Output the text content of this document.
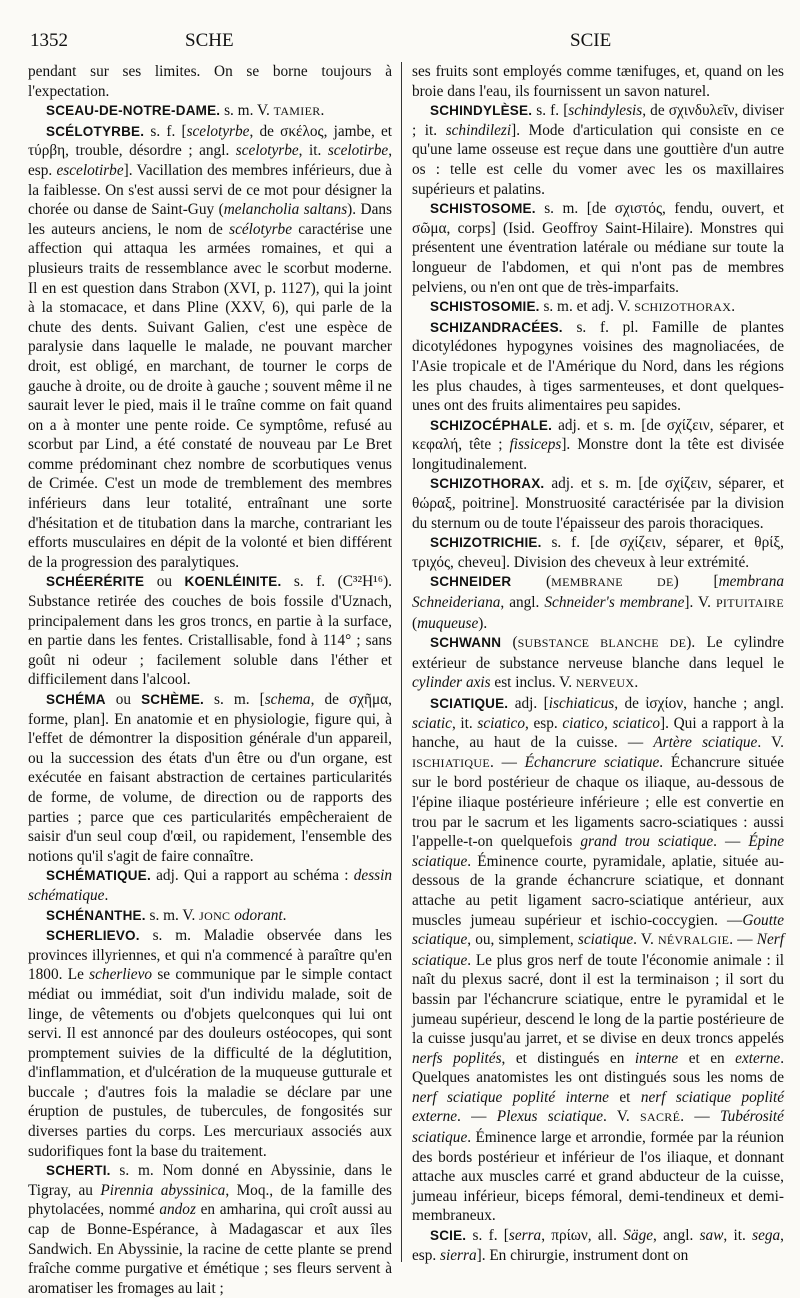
1352	SCHE	SCIE

pendant sur ses limites. On se borne toujours à l'expectation.

SCEAU-DE-NOTRE-DAME. s. m. V. TAMIER.

SCÉLOTYRBE. s. f. [scelotyrbe, de σκέλος, jambe, et τύρβη, trouble, désordre ; angl. scelotyrbe, it. scelotirbe, esp. escelotirbe]. Vacillation des membres inférieurs, due à la faiblesse. On s'est aussi servi de ce mot pour désigner la chorée ou danse de Saint-Guy (melancholia saltans). Dans les auteurs anciens, le nom de scélotyrbe caractérise une affection qui attaqua les armées romaines, et qui a plusieurs traits de ressemblance avec le scorbut moderne. Il en est question dans Strabon (XVI, p. 1127), qui la joint à la stomacace, et dans Pline (XXV, 6), qui parle de la chute des dents. Suivant Galien, c'est une espèce de paralysie dans laquelle le malade, ne pouvant marcher droit, est obligé, en marchant, de tourner le corps de gauche à droite, ou de droite à gauche ; souvent même il ne saurait lever le pied, mais il le traîne comme on fait quand on a à monter une pente roide. Ce symptôme, refusé au scorbut par Lind, a été constaté de nouveau par Le Bret comme prédominant chez nombre de scorbutiques venus de Crimée. C'est un mode de tremblement des membres inférieurs dans leur totalité, entraînant une sorte d'hésitation et de titubation dans la marche, contrariant les efforts musculaires en dépit de la volonté et bien différent de la progression des paralytiques.

SCHÉERÉRITE ou KOENLÉINITE. s. f. (C³²H¹⁶). Substance retirée des couches de bois fossile d'Uznach, principalement dans les gros troncs, en partie à la surface, en partie dans les fentes. Cristallisable, fond à 114° ; sans goût ni odeur ; facilement soluble dans l'éther et difficilement dans l'alcool.

SCHÉMA ou SCHÈME. s. m. [schema, de σχῆμα, forme, plan]. En anatomie et en physiologie, figure qui, à l'effet de démontrer la disposition générale d'un appareil, ou la succession des états d'un être ou d'un organe, est exécutée en faisant abstraction de certaines particularités de forme, de volume, de direction ou de rapports des parties ; parce que ces particularités empêcheraient de saisir d'un seul coup d'œil, ou rapidement, l'ensemble des notions qu'il s'agit de faire connaître.

SCHÉMATIQUE. adj. Qui a rapport au schéma : dessin schématique.

SCHÉNANTHE. s. m. V. JONC odorant.

SCHERLIEVO. s. m. Maladie observée dans les provinces illyriennes, et qui n'a commencé à paraître qu'en 1800. Le scherlievo se communique par le simple contact médiat ou immédiat, soit d'un individu malade, soit de linge, de vêtements ou d'objets quelconques qui lui ont servi. Il est annoncé par des douleurs ostéocopes, qui sont promptement suivies de la difficulté de la déglutition, d'inflammation, et d'ulcération de la muqueuse gutturale et buccale ; d'autres fois la maladie se déclare par une éruption de pustules, de tubercules, de fongosités sur diverses parties du corps. Les mercuriaux associés aux sudorifiques font la base du traitement.

SCHERTI. s. m. Nom donné en Abyssinie, dans le Tigray, au Pirennia abyssinica, Moq., de la famille des phytolacées, nommé andoz en amharina, qui croît aussi au cap de Bonne-Espérance, à Madagascar et aux îles Sandwich. En Abyssinie, la racine de cette plante se prend fraîche comme purgative et émétique ; ses fleurs servent à aromatiser les fromages au lait ;

ses fruits sont employés comme tænifuges, et, quand on les broie dans l'eau, ils fournissent un savon naturel.

SCHINDYLÈSE. s. f. [schindylesis, de σχινδυλεῖν, diviser ; it. schindilezi]. Mode d'articulation qui consiste en ce qu'une lame osseuse est reçue dans une gouttière d'un autre os : telle est celle du vomer avec les os maxillaires supérieurs et palatins.

SCHISTOSOME. s. m. [de σχιστός, fendu, ouvert, et σῶμα, corps] (Isid. Geoffroy Saint-Hilaire). Monstres qui présentent une éventration latérale ou médiane sur toute la longueur de l'abdomen, et qui n'ont pas de membres pelviens, ou n'en ont que de très-imparfaits.

SCHISTOSOMIE. s. m. et adj. V. SCHIZOTHORAX.

SCHIZANDRACÉES. s. f. pl. Famille de plantes dicotylédones hypogynes voisines des magnoliacées, de l'Asie tropicale et de l'Amérique du Nord, dans les régions les plus chaudes, à tiges sarmenteuses, et dont quelques-unes ont des fruits alimentaires peu sapides.

SCHIZOCÉPHALE. adj. et s. m. [de σχίζειν, séparer, et κεφαλή, tête ; fissiceps]. Monstre dont la tête est divisée longitudinalement.

SCHIZOTHORAX. adj. et s. m. [de σχίζειν, séparer, et θώραξ, poitrine]. Monstruosité caractérisée par la division du sternum ou de toute l'épaisseur des parois thoraciques.

SCHIZOTRICHIE. s. f. [de σχίζειν, séparer, et θρίξ, τριχός, cheveu]. Division des cheveux à leur extrémité.

SCHNEIDER (MEMBRANE DE) [membrana Schneideriana, angl. Schneider's membrane]. V. PITUITAIRE (muqueuse).

SCHWANN (SUBSTANCE BLANCHE DE). Le cylindre extérieur de substance nerveuse blanche dans lequel le cylinder axis est inclus. V. NERVEUX.

SCIATIQUE. adj. [ischiaticus, de ἰσχίον, hanche ; angl. sciatic, it. sciatico, esp. ciatico, sciatico]. Qui a rapport à la hanche, au haut de la cuisse. — Artère sciatique. V. ISCHIATIQUE. — Échancrure sciatique. Échancrure située sur le bord postérieur de chaque os iliaque, au-dessous de l'épine iliaque postérieure inférieure ; elle est convertie en trou par le sacrum et les ligaments sacro-sciatiques : aussi l'appelle-t-on quelquefois grand trou sciatique. — Épine sciatique. Éminence courte, pyramidale, aplatie, située au-dessous de la grande échancrure sciatique, et donnant attache au petit ligament sacro-sciatique antérieur, aux muscles jumeau supérieur et ischio-coccygien. —Goutte sciatique, ou, simplement, sciatique. V. NÉVRALGIE. — Nerf sciatique. Le plus gros nerf de toute l'économie animale : il naît du plexus sacré, dont il est la terminaison ; il sort du bassin par l'échancrure sciatique, entre le pyramidal et le jumeau supérieur, descend le long de la partie postérieure de la cuisse jusqu'au jarret, et se divise en deux troncs appelés nerfs poplités, et distingués en interne et en externe. Quelques anatomistes les ont distingués sous les noms de nerf sciatique poplité interne et nerf sciatique poplité externe. — Plexus sciatique. V. SACRÉ. — Tubérosité sciatique. Éminence large et arrondie, formée par la réunion des bords postérieur et inférieur de l'os iliaque, et donnant attache aux muscles carré et grand abducteur de la cuisse, jumeau inférieur, biceps fémoral, demi-tendineux et demi-membraneux.

SCIE. s. f. [serra, πρίων, all. Säge, angl. saw, it. sega, esp. sierra]. En chirurgie, instrument dont on
